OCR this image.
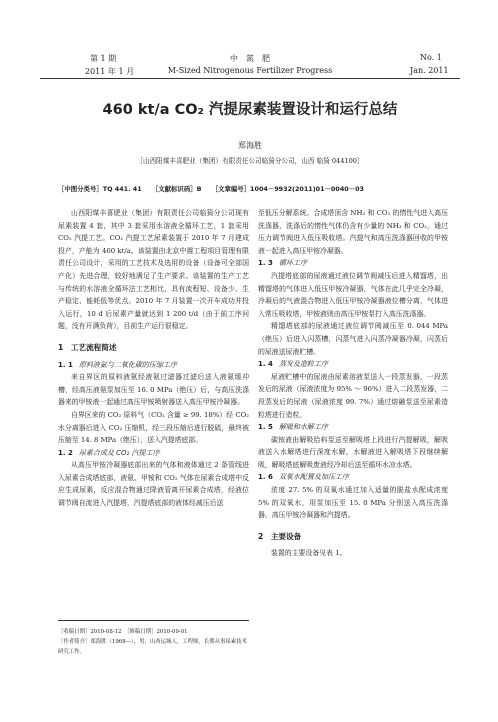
第 1 期	中　氮　肥	No. 1
2011 年 1 月	M-Sized Nitrogenous Fertilizer Progress	Jan. 2011
460 kt/a CO₂ 汽提尿素装置设计和运行总结
郑海胜
［山西阳煤丰喜肥业（集团）有限责任公司临猗分公司，山西 临猗 044100］
［中图分类号］TQ 441. 41 ［文献标识码］B ［文章编号］1004－9932(2011)01－0040－03

山西阳煤丰喜肥业（集团）有限责任公司临猗分公司现有尿素装置 4 套，其中 3 套采用水溶液全循环工艺，1 套采用 CO₂ 汽提工艺。CO₂ 汽提工艺尿素装置于 2010 年 7 月建成投产，产能为 460 kt/a。该装置由北京中震工程项目管理有限责任公司设计，采用的工艺技术及选用的设备（设备可全部国产化）先进合理，较好地满足了生产要求。该装置的生产工艺与传统的水溶液全循环法工艺相比，具有流程短、设备少、生产稳定、能耗低等优点。2010 年 7 月装置一次开车成功并投入运行，10 d 后尿素产量就达到 1 200 t/d（由于前工序问题，没有开满负荷），目前生产运行很稳定。

1　工艺流程简述
1. 1 原料液氨与二氧化碳的压缩工序

来自界区的原料液氨经液氨过滤器过滤后送入液氨缓冲槽，经高压液氨泵加压至 16. 0 MPa（绝压）后，与高压洗涤器来的甲铵液一起通过高压甲铵喷射器送入高压甲铵冷凝器。

自界区来的 CO₂ 原料气（CO₂ 含量 ≥ 99. 18%）经 CO₂ 水分离器后进入 CO₂ 压缩机，经三段压缩后进行脱硫，最终被压缩至 14. 8 MPa（绝压），送入汽提塔底部。

1. 2 尿素合成及 CO₂ 汽提工序

从高压甲铵冷凝器底部出来的气体和液体通过 2 条管线进入尿素合成塔底部，液氨、甲铵和 CO₂ 气体在尿素合成塔中反应生成尿素，反应混合物通过降液管离开尿素合成塔，经液位调节阀自流进入汽提塔，汽提塔底部的液体经减压后送

［收稿日期］2010-08-12　 ［修稿日期］2010-09-01
［作者简介］郑海胜（1968—），男，山西运城人，工程师，长期从事尿素技术研究工作。

至低压分解系统。合成塔顶含 NH₃ 和 CO₂ 的惰性气进入高压洗涤器，洗涤后的惰性气体仍含有少量的 NH₃ 和 CO₂，通过压力调节阀进入低压吸收塔。汽提气和高压洗涤器回收的甲铵液一起进入高压甲铵冷凝器。

1. 3 循环工序

汽提塔底部的尿液通过液位调节阀减压后进入精馏塔，出精馏塔的气体进入低压甲铵冷凝器，气体在此几乎完全冷凝，冷凝后的气液混合物进入低压甲铵冷凝器液位槽分离，气体进入常压吸收塔，甲铵液则由高压甲铵泵打入高压洗涤器。

精馏塔底部的尿液通过液位调节阀减压至 0. 044 MPa（绝压）后进入闪蒸槽，闪蒸气进入闪蒸冷凝器冷凝，闪蒸后的尿液送尿液贮槽。

1. 4 蒸发及造粒工序

尿液贮槽中的尿液由尿素溶液泵送入一段蒸发器，一段蒸发后的尿液（尿液浓度为 95% ～ 96%）进入二段蒸发器，二段蒸发后的尿液（尿液浓度 99. 7%）通过熔融泵送至尿素造粒塔进行造粒。

1. 5 解吸和水解工序

碳铵液由解吸给料泵送至解吸塔上段进行汽提解吸，解吸液送入水解塔进行深度水解，水解液进入解吸塔下段继续解吸，解吸塔底解吸废液经冷却后送至循环水凉水塔。

1. 6 双氧水配置及加压工序

浓度 27. 5% 的双氧水通过加入适量的脱盐水配成浓度 5% 的双氧水，用泵加压至 15. 0 MPa 分别送入高压洗涤器、高压甲铵冷凝器和汽提塔。

2　主要设备

装置的主要设备见表 1。
